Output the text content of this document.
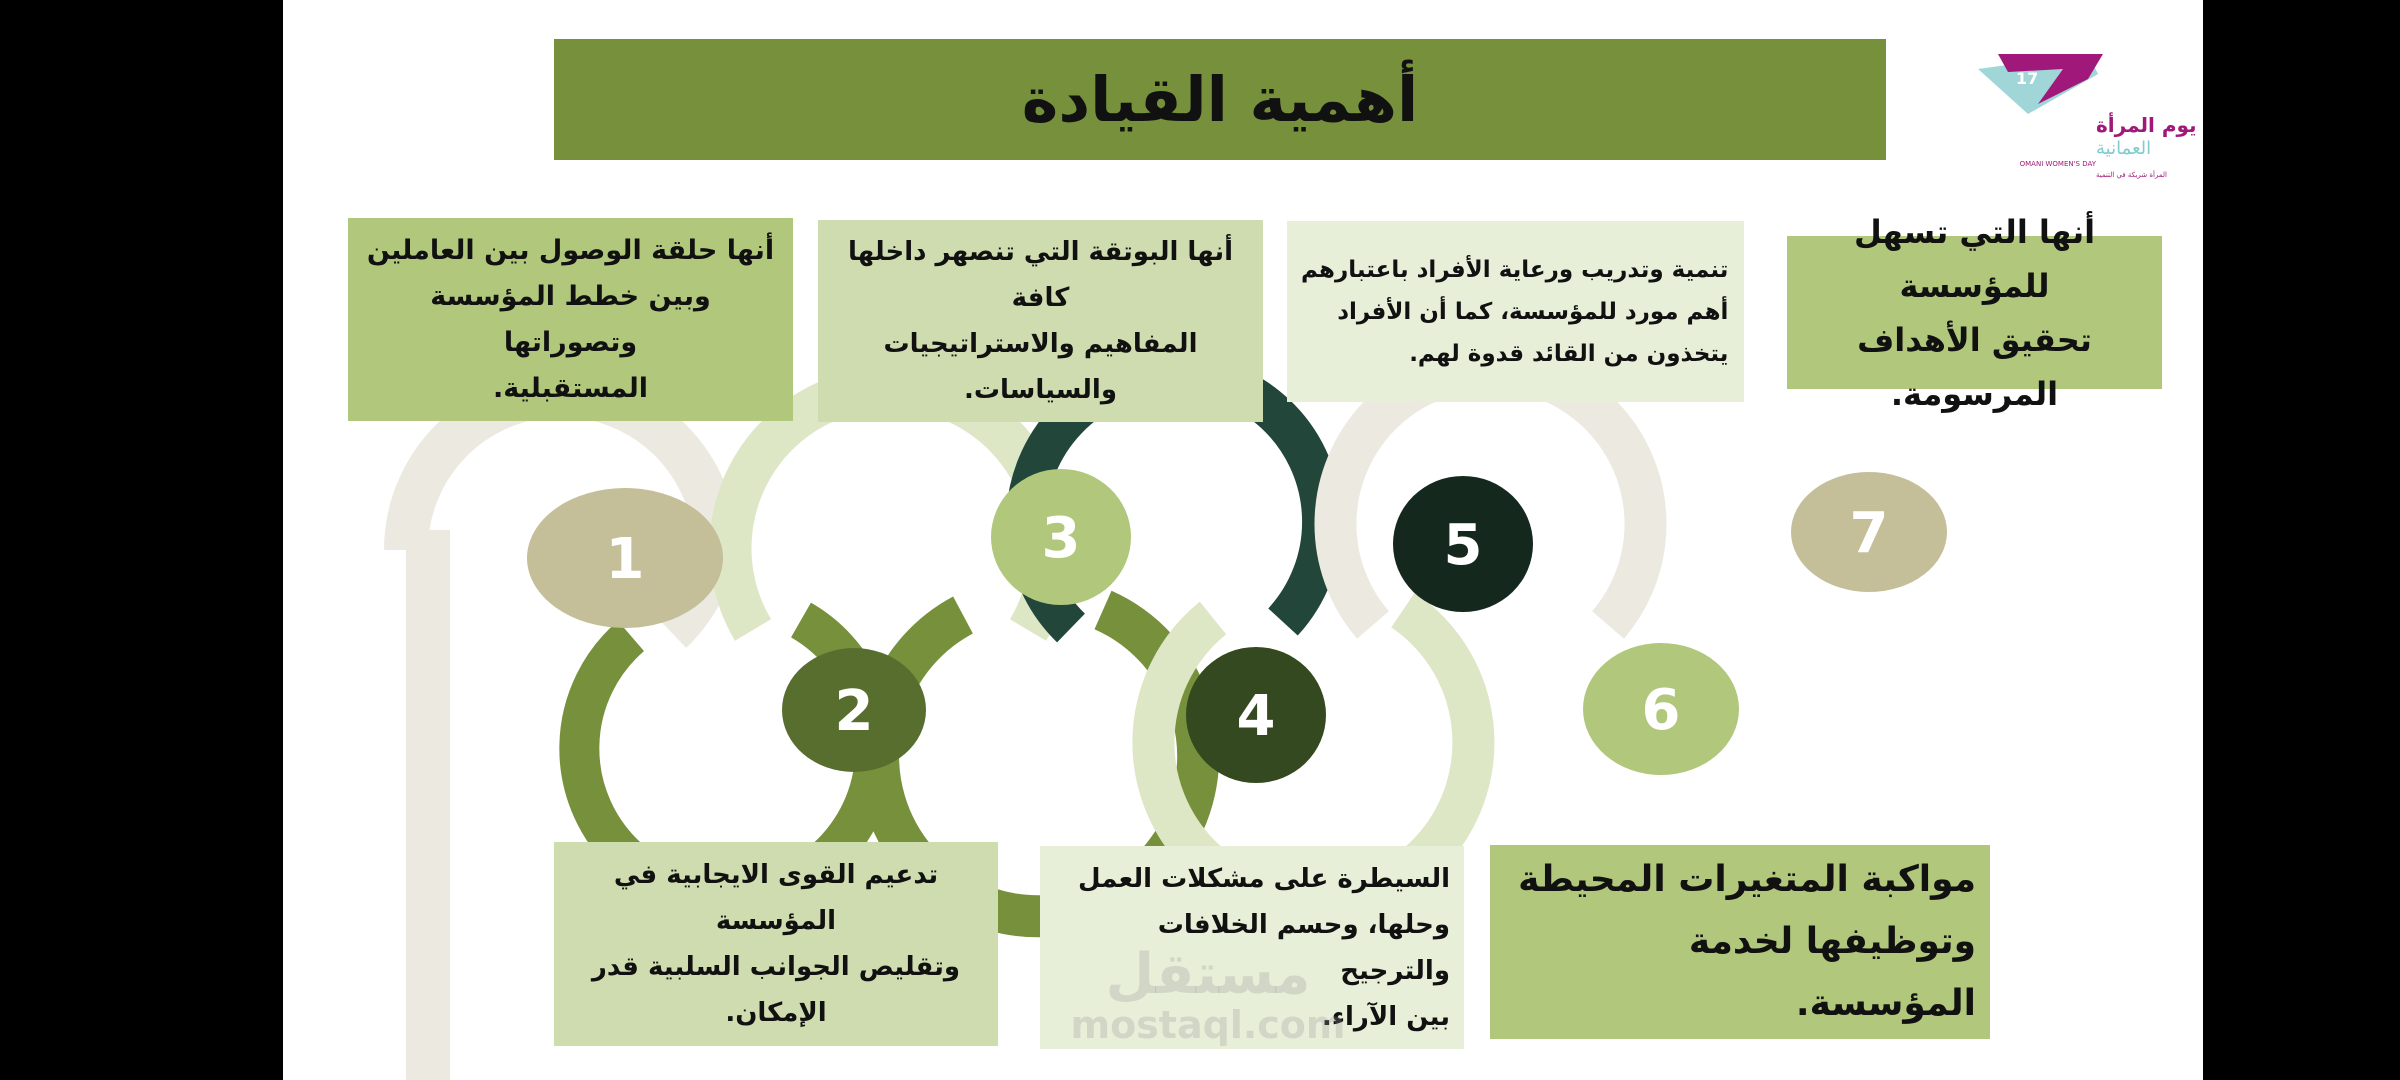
أهمية القيادة	17
يوم المرأة
العمانية
OMANI WOMEN'S DAY
المرأة شريكة في التنمية
1
2
3
4
5
6
7
أنها حلقة الوصول بين العاملين
وبين خطط المؤسسة وتصوراتها
المستقبلية.
أنها البوتقة التي تنصهر داخلها كافة
المفاهيم والاستراتيجيات
والسياسات.
تنمية وتدريب ورعاية الأفراد باعتبارهم
أهم مورد للمؤسسة، كما أن الأفراد
يتخذون من القائد قدوة لهم.
أنها التي تسهل للمؤسسة
تحقيق الأهداف المرسومة.
تدعيم القوى الايجابية في المؤسسة
وتقليص الجوانب السلبية قدر
الإمكان.
السيطرة على مشكلات العمل
وحلها، وحسم الخلافات والترجيح
بين الآراء.
مواكبة المتغيرات المحيطة
وتوظيفها لخدمة المؤسسة.
مستقل
mostaql.com
